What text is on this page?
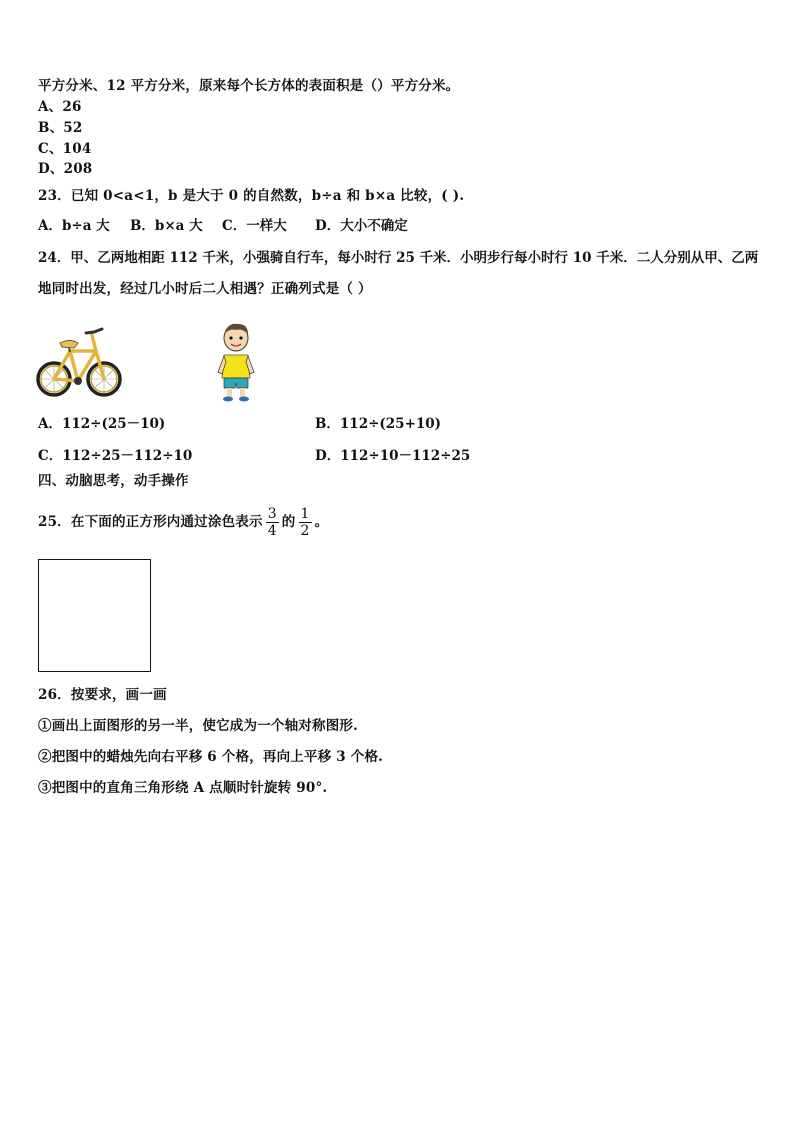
平方分米、12 平方分米，原来每个长方体的表面积是（）平方分米。
A、26
B、52
C、104
D、208
23．已知 0<a<1，b 是大于 0 的自然数，b÷a 和 b×a 比较，( ).
A．b÷a 大 B．b×a 大 C．一样大 D．大小不确定
24．甲、乙两地相距 112 千米，小强骑自行车，每小时行 25 千米．小明步行每小时行 10 千米．二人分别从甲、乙两
地同时出发，经过几小时后二人相遇？正确列式是（ ）
A．112÷(25－10)	B．112÷(25+10)
C．112÷25－112÷10	D．112÷10－112÷25
四、动脑思考，动手操作
25．在下面的正方形内通过涂色表示 $\frac{3}{4}$ 的 $\frac{1}{2}$ 。
26．按要求，画一画
①画出上面图形的另一半，使它成为一个轴对称图形.
②把图中的蜡烛先向右平移 6 个格，再向上平移 3 个格.
③把图中的直角三角形绕 A 点顺时针旋转 90°.
